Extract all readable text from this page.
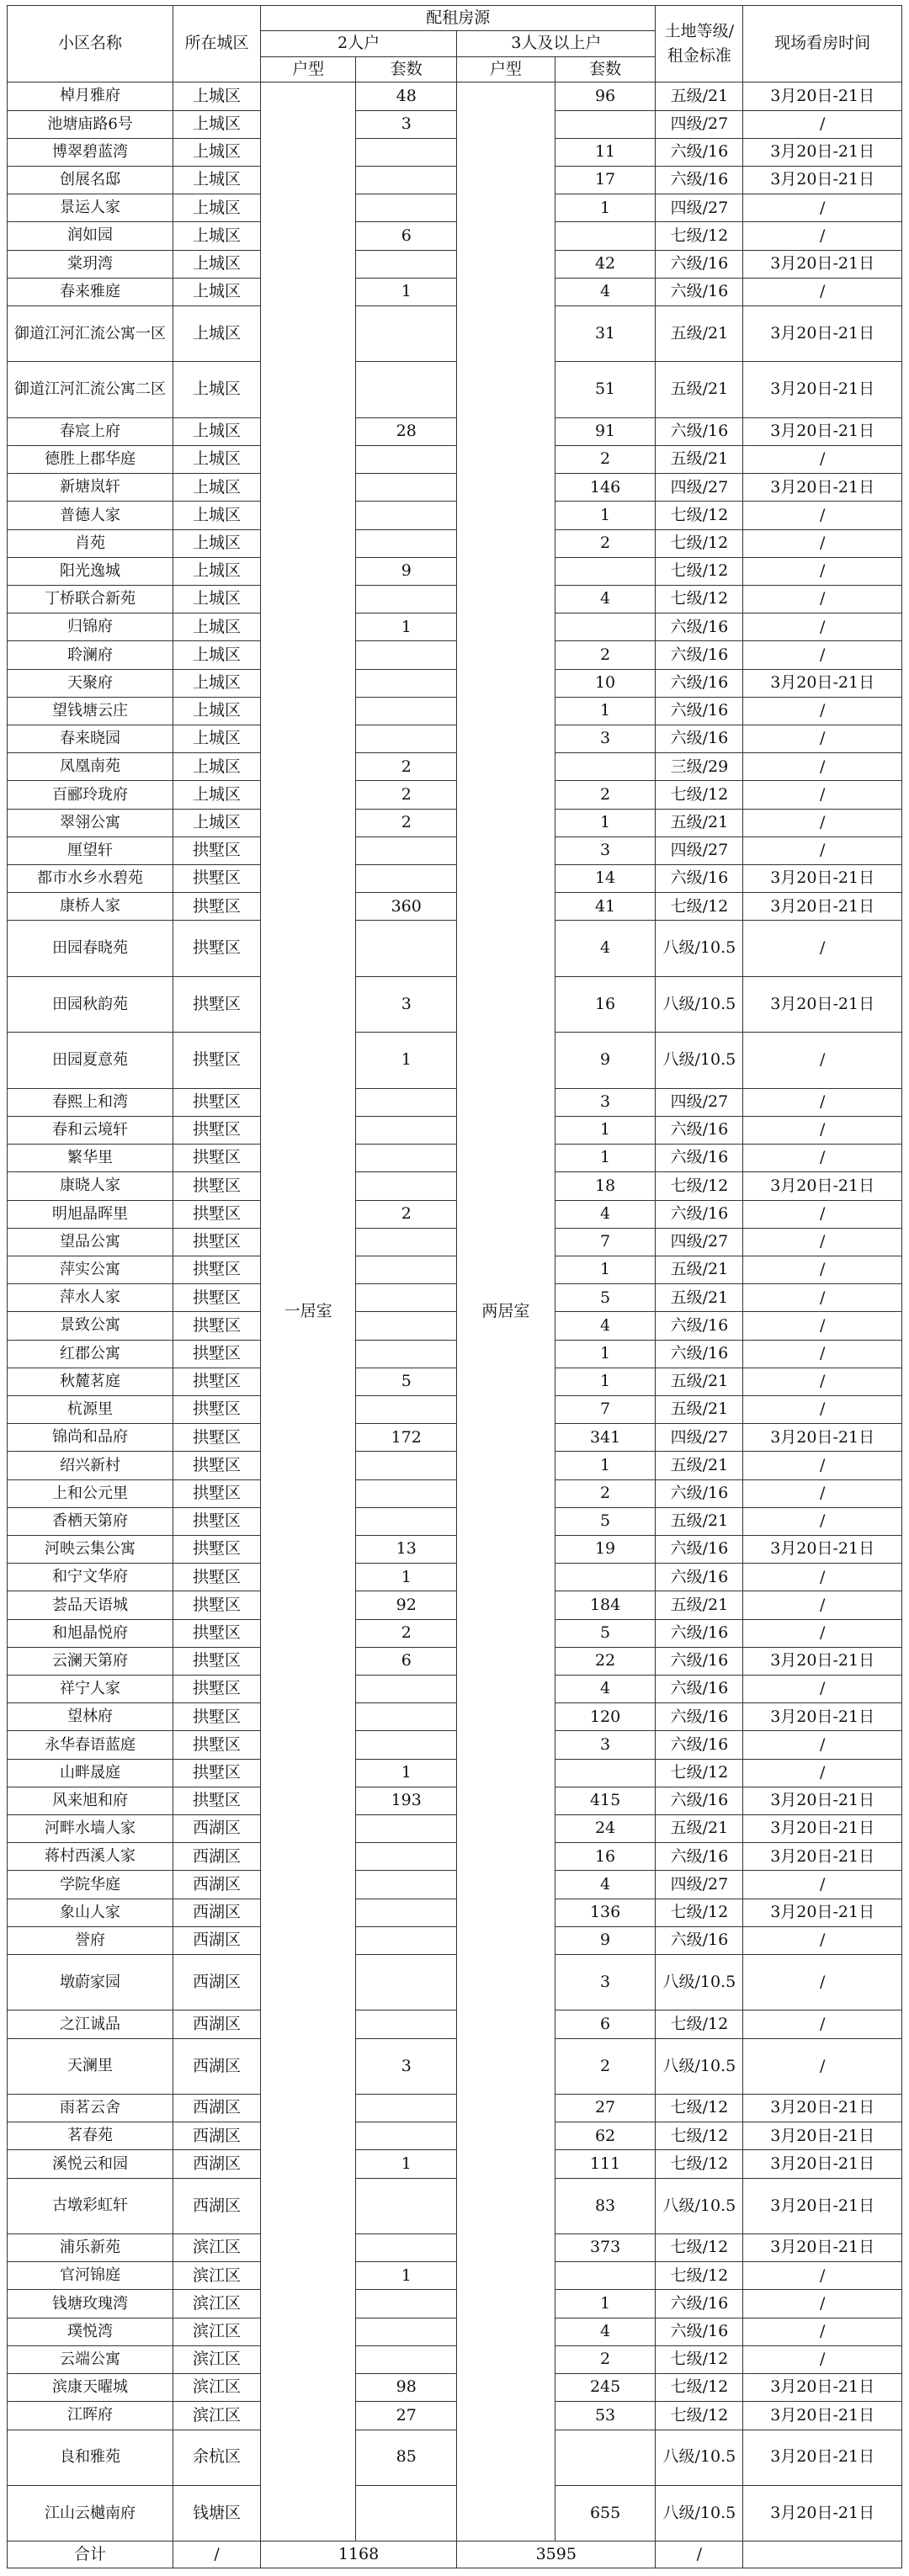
小区名称	所在城区	配租房源				土地等级/租金标准	现场看房时间
		2人户		3人及以上户			
		户型	套数	户型	套数		
棹月雅府	上城区	一居室	48	两居室	96	五级/21	3月20日-21日
池塘庙路6号	上城区		3			四级/27	/
博翠碧蓝湾	上城区				11	六级/16	3月20日-21日
创展名邸	上城区				17	六级/16	3月20日-21日
景运人家	上城区				1	四级/27	/
润如园	上城区		6			七级/12	/
棠玥湾	上城区				42	六级/16	3月20日-21日
春来雅庭	上城区		1		4	六级/16	/
御道江河汇流公寓一区	上城区				31	五级/21	3月20日-21日
御道江河汇流公寓二区	上城区				51	五级/21	3月20日-21日
春宸上府	上城区		28		91	六级/16	3月20日-21日
德胜上郡华庭	上城区				2	五级/21	/
新塘岚轩	上城区				146	四级/27	3月20日-21日
普德人家	上城区				1	七级/12	/
肖苑	上城区				2	七级/12	/
阳光逸城	上城区		9			七级/12	/
丁桥联合新苑	上城区				4	七级/12	/
归锦府	上城区		1			六级/16	/
聆澜府	上城区				2	六级/16	/
天聚府	上城区				10	六级/16	3月20日-21日
望钱塘云庄	上城区				1	六级/16	/
春来晓园	上城区				3	六级/16	/
凤凰南苑	上城区		2			三级/29	/
百郦玲珑府	上城区		2		2	七级/12	/
翠翎公寓	上城区		2		1	五级/21	/
厘望轩	拱墅区				3	四级/27	/
都市水乡水碧苑	拱墅区				14	六级/16	3月20日-21日
康桥人家	拱墅区		360		41	七级/12	3月20日-21日
田园春晓苑	拱墅区				4	八级/10.5	/
田园秋韵苑	拱墅区		3		16	八级/10.5	3月20日-21日
田园夏意苑	拱墅区		1		9	八级/10.5	/
春熙上和湾	拱墅区				3	四级/27	/
春和云境轩	拱墅区				1	六级/16	/
繁华里	拱墅区				1	六级/16	/
康晓人家	拱墅区				18	七级/12	3月20日-21日
明旭晶晖里	拱墅区		2		4	六级/16	/
望品公寓	拱墅区				7	四级/27	/
萍实公寓	拱墅区				1	五级/21	/
萍水人家	拱墅区				5	五级/21	/
景致公寓	拱墅区				4	六级/16	/
红郡公寓	拱墅区				1	六级/16	/
秋麓茗庭	拱墅区		5		1	五级/21	/
杭源里	拱墅区				7	五级/21	/
锦尚和品府	拱墅区		172		341	四级/27	3月20日-21日
绍兴新村	拱墅区				1	五级/21	/
上和公元里	拱墅区				2	六级/16	/
香栖天第府	拱墅区				5	五级/21	/
河映云集公寓	拱墅区		13		19	六级/16	3月20日-21日
和宁文华府	拱墅区		1			六级/16	/
荟品天语城	拱墅区		92		184	五级/21	/
和旭晶悦府	拱墅区		2		5	六级/16	/
云澜天第府	拱墅区		6		22	六级/16	3月20日-21日
祥宁人家	拱墅区				4	六级/16	/
望林府	拱墅区				120	六级/16	3月20日-21日
永华春语蓝庭	拱墅区				3	六级/16	/
山畔晟庭	拱墅区		1			七级/12	/
风来旭和府	拱墅区		193		415	六级/16	3月20日-21日
河畔水墙人家	西湖区				24	五级/21	3月20日-21日
蒋村西溪人家	西湖区				16	六级/16	3月20日-21日
学院华庭	西湖区				4	四级/27	/
象山人家	西湖区				136	七级/12	3月20日-21日
誉府	西湖区				9	六级/16	/
墩蔚家园	西湖区				3	八级/10.5	/
之江诚品	西湖区				6	七级/12	/
天澜里	西湖区		3		2	八级/10.5	/
雨茗云舍	西湖区				27	七级/12	3月20日-21日
茗春苑	西湖区				62	七级/12	3月20日-21日
溪悦云和园	西湖区		1		111	七级/12	3月20日-21日
古墩彩虹轩	西湖区				83	八级/10.5	3月20日-21日
浦乐新苑	滨江区				373	七级/12	3月20日-21日
官河锦庭	滨江区		1			七级/12	/
钱塘玫瑰湾	滨江区				1	六级/16	/
璞悦湾	滨江区				4	六级/16	/
云端公寓	滨江区				2	七级/12	/
滨康天曜城	滨江区		98		245	七级/12	3月20日-21日
江晖府	滨江区		27		53	七级/12	3月20日-21日
良和雅苑	余杭区		85			八级/10.5	3月20日-21日
江山云樾南府	钱塘区				655	八级/10.5	3月20日-21日
合计	/	1168		3595		/	
